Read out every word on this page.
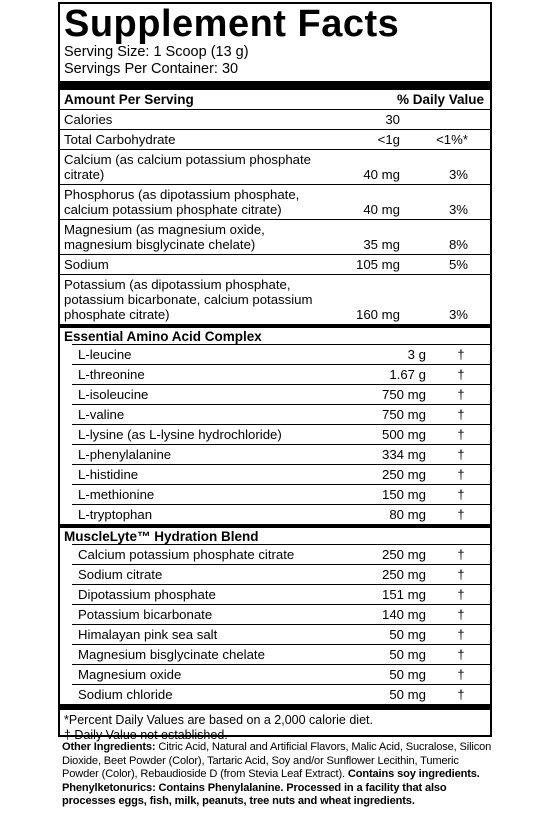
Supplement Facts
Serving Size: 1 Scoop (13 g)
Servings Per Container: 30
Amount Per Serving	% Daily Value
Calories	30
Total Carbohydrate	<1g	<1%*
Calcium (as calcium potassium phosphate citrate)	40 mg	3%
Phosphorus (as dipotassium phosphate, calcium potassium phosphate citrate)	40 mg	3%
Magnesium (as magnesium oxide, magnesium bisglycinate chelate)	35 mg	8%
Sodium	105 mg	5%
Potassium (as dipotassium phosphate, potassium bicarbonate, calcium potassium phosphate citrate)	160 mg	3%
Essential Amino Acid Complex
L-leucine	3 g	†
L-threonine	1.67 g	†
L-isoleucine	750 mg	†
L-valine	750 mg	†
L-lysine (as L-lysine hydrochloride)	500 mg	†
L-phenylalanine	334 mg	†
L-histidine	250 mg	†
L-methionine	150 mg	†
L-tryptophan	80 mg	†
MuscleLyte™ Hydration Blend
Calcium potassium phosphate citrate	250 mg	†
Sodium citrate	250 mg	†
Dipotassium phosphate	151 mg	†
Potassium bicarbonate	140 mg	†
Himalayan pink sea salt	50 mg	†
Magnesium bisglycinate chelate	50 mg	†
Magnesium oxide	50 mg	†
Sodium chloride	50 mg	†
*Percent Daily Values are based on a 2,000 calorie diet.
† Daily Value not established.
Other Ingredients: Citric Acid, Natural and Artificial Flavors, Malic Acid, Sucralose, Silicon Dioxide, Beet Powder (Color), Tartaric Acid, Soy and/or Sunflower Lecithin, Tumeric Powder (Color), Rebaudioside D (from Stevia Leaf Extract). Contains soy ingredients. Phenylketonurics: Contains Phenylalanine. Processed in a facility that also processes eggs, fish, milk, peanuts, tree nuts and wheat ingredients.
